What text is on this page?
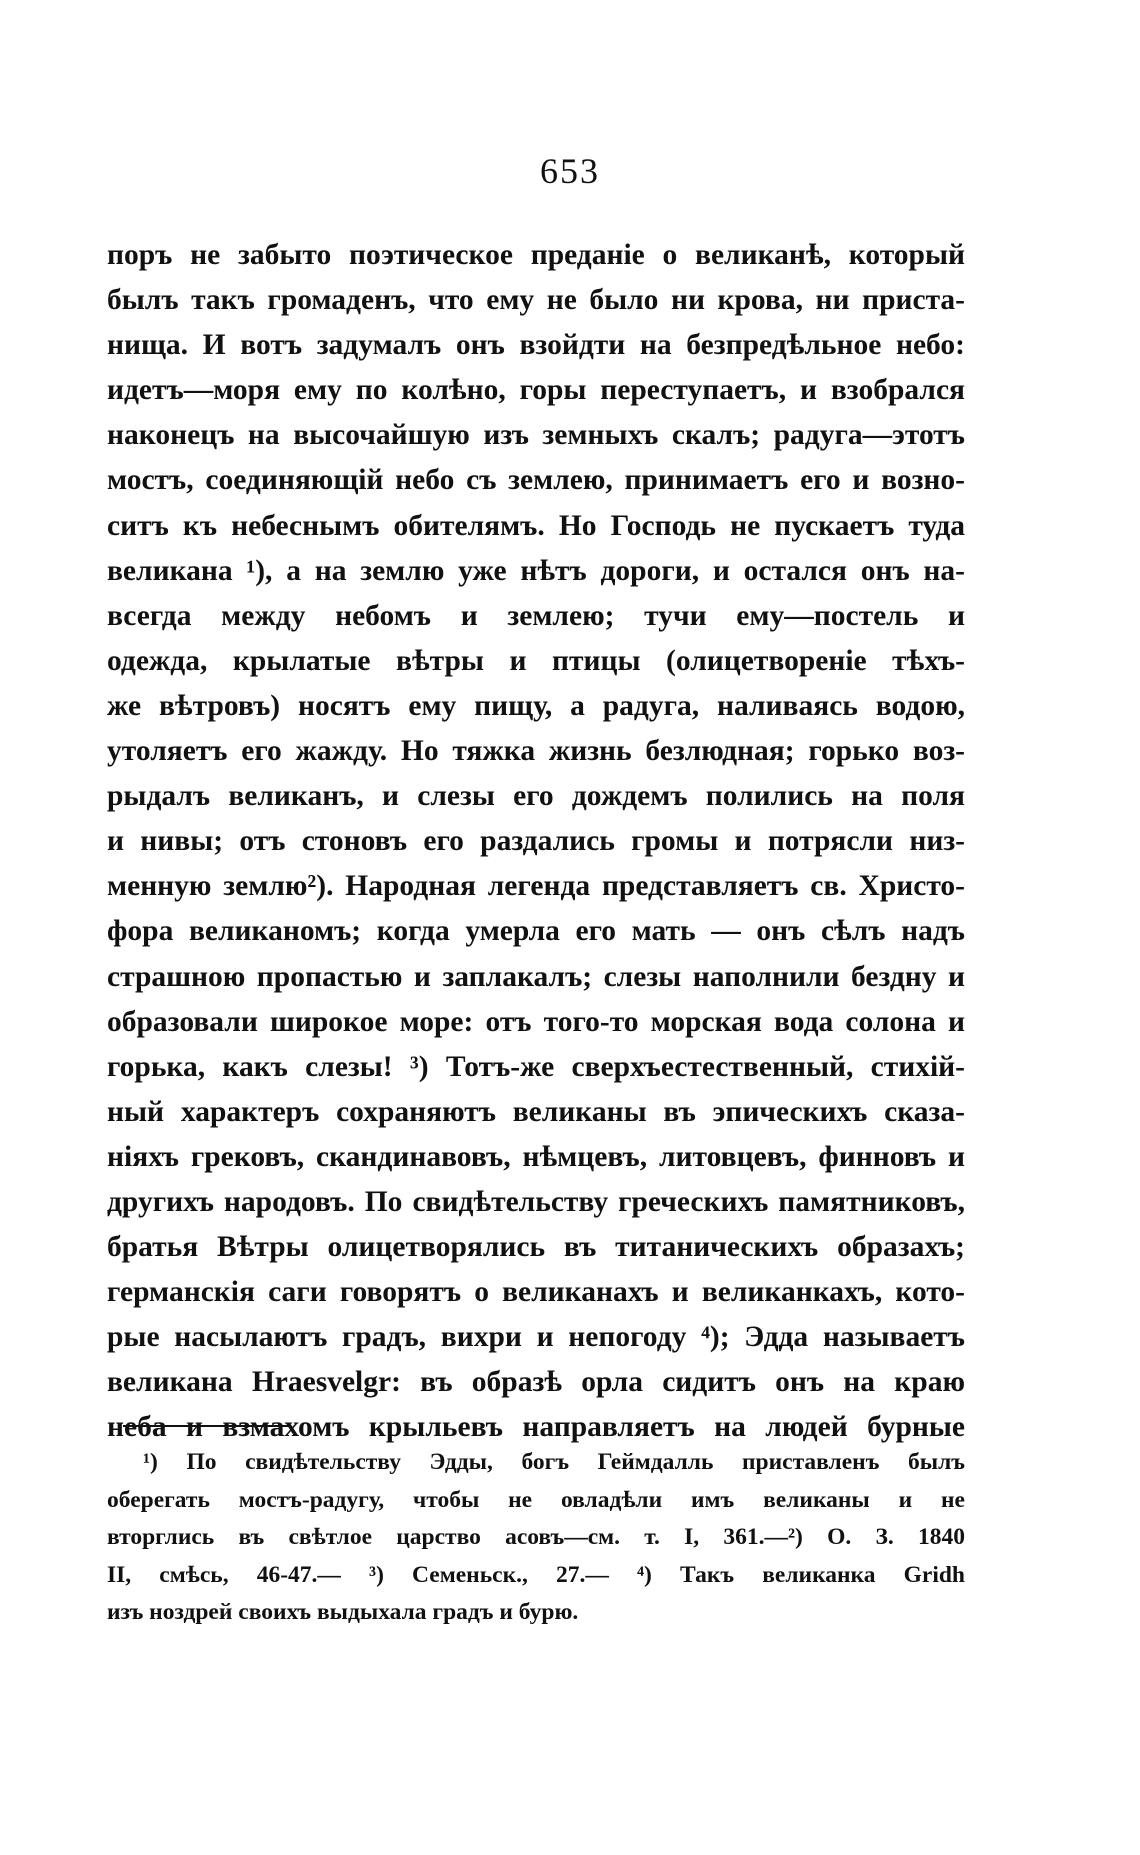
653
поръ не забыто поэтическое преданіе о великанѣ, который
былъ такъ громаденъ, что ему не было ни крова, ни приста-
нища. И вотъ задумалъ онъ взойдти на безпредѣльное небо:
идетъ—моря ему по колѣно, горы переступаетъ, и взобрался
наконецъ на высочайшую изъ земныхъ скалъ; радуга—этотъ
мостъ, соединяющій небо съ землею, принимаетъ его и возно-
ситъ къ небеснымъ обителямъ. Но Господь не пускаетъ туда
великана ¹), а на землю уже нѣтъ дороги, и остался онъ на-
всегда между небомъ и землею; тучи ему—постель и
одежда, крылатые вѣтры и птицы (олицетвореніе тѣхъ-
же вѣтровъ) носятъ ему пищу, а радуга, наливаясь водою,
утоляетъ его жажду. Но тяжка жизнь безлюдная; горько воз-
рыдалъ великанъ, и слезы его дождемъ полились на поля
и нивы; отъ стоновъ его раздались громы и потрясли низ-
менную землю²). Народная легенда представляетъ св. Христо-
фора великаномъ; когда умерла его мать — онъ сѣлъ надъ
страшною пропастью и заплакалъ; слезы наполнили бездну и
образовали широкое море: отъ того-то морская вода солона и
горька, какъ слезы! ³) Тотъ-же сверхъестественный, стихій-
ный характеръ сохраняютъ великаны въ эпическихъ сказа-
ніяхъ грековъ, скандинавовъ, нѣмцевъ, литовцевъ, финновъ и
другихъ народовъ. По свидѣтельству греческихъ памятниковъ,
братья Вѣтры олицетворялись въ титаническихъ образахъ;
германскія саги говорятъ о великанахъ и великанкахъ, кото-
рые насылаютъ градъ, вихри и непогоду ⁴); Эдда называетъ
великана Hraesvelgr: въ образѣ орла сидитъ онъ на краю
неба и взмахомъ крыльевъ направляетъ на людей бурные
¹) По свидѣтельству Эдды, богъ Геймдалль приставленъ былъ
оберегать мостъ-радугу, чтобы не овладѣли имъ великаны и не
вторглись въ свѣтлое царство асовъ—см. т. I, 361.—²) О. З. 1840
II, смѣсь, 46-47.— ³) Семеньск., 27.— ⁴) Такъ великанка Gridh
изъ ноздрей своихъ выдыхала градъ и бурю.
